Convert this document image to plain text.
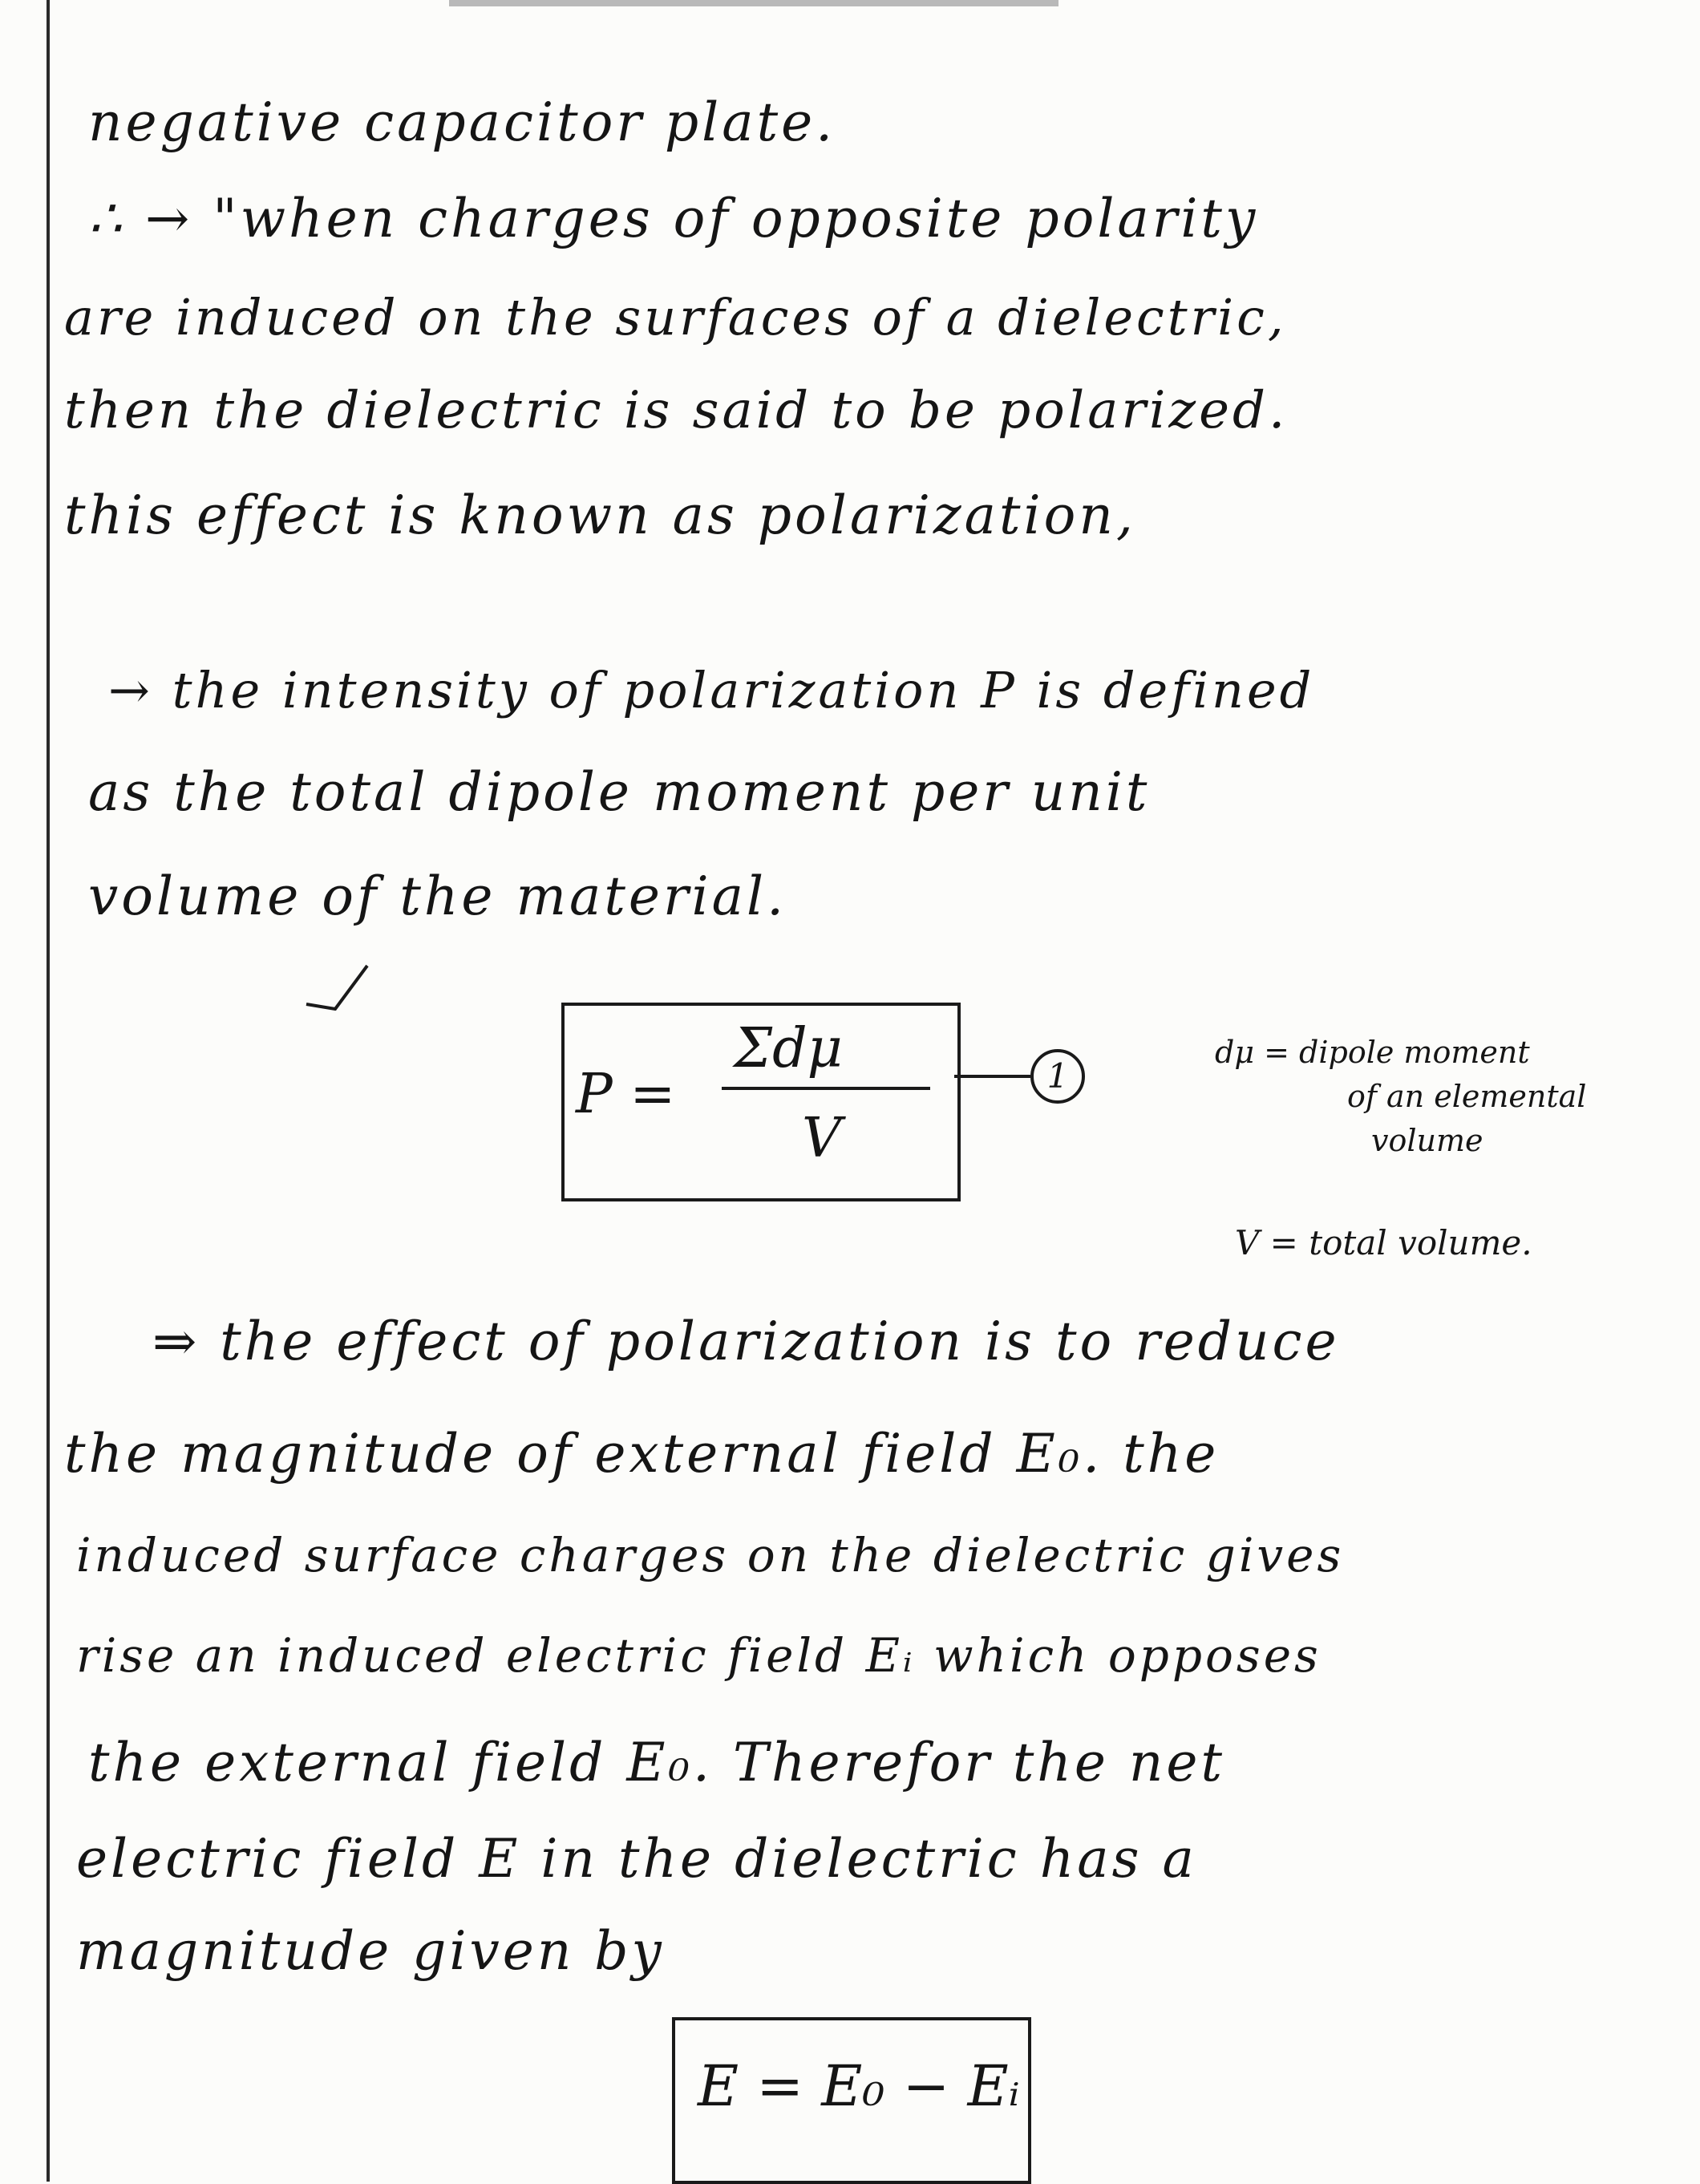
negative capacitor plate.
∴ → "when charges of opposite polarity
are induced on the surfaces of a dielectric,
then the dielectric is said to be polarized.
this effect is known as polarization,
→ the intensity of polarization P is defined
as the total dipole moment per unit
volume of the material.
P =
Σdμ
V
1
dμ = dipole moment
of an elemental
volume
V = total volume.
⇒ the effect of polarization is to reduce
the magnitude of external field E₀. the
induced surface charges on the dielectric gives
rise an induced electric field Eᵢ which opposes
the external field E₀. Therefor the net
electric field E in the dielectric has a
magnitude given by
E = E₀ − Eᵢ
